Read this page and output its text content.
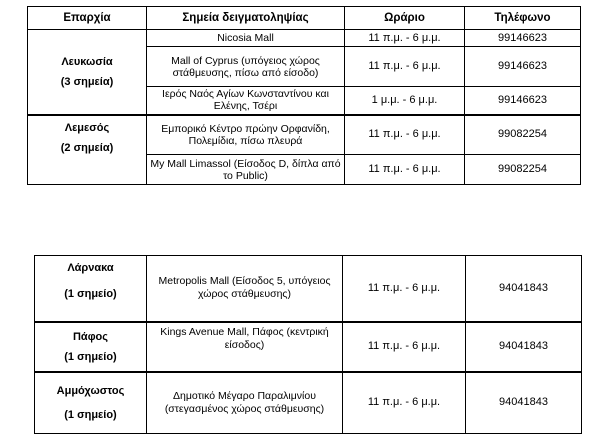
Επαρχία	Σημεία δειγματοληψίας	Ωράριο	Τηλέφωνο

Λευκωσία
(3 σημεία)	Nicosia Mall	11 π.μ. - 6 μ.μ.	99146623
	Mall of Cyprus (υπόγειος χώρος στάθμευσης, πίσω από είσοδο)	11 π.μ. - 6 μ.μ.	99146623
	Ιερός Ναός Αγίων Κωνσταντίνου και Ελένης, Τσέρι	1 μ.μ. - 6 μ.μ.	99146623

Λεμεσός
(2 σημεία)	Εμπορικό Κέντρο πρώην Ορφανίδη, Πολεμίδια, πίσω πλευρά	11 π.μ. - 6 μ.μ.	99082254
	My Mall Limassol (Είσοδος D, δίπλα από το Public)	11 π.μ. - 6 μ.μ.	99082254
Λάρνακα
(1 σημείο)	Metropolis Mall (Είσοδος 5, υπόγειος χώρος στάθμευσης)	11 π.μ. - 6 μ.μ.	94041843

Πάφος
(1 σημείο)	Kings Avenue Mall, Πάφος (κεντρική είσοδος)	11 π.μ. - 6 μ.μ.	94041843

Αμμόχωστος
(1 σημείο)	Δημοτικό Μέγαρο Παραλιμνίου (στεγασμένος χώρος στάθμευσης)	11 π.μ. - 6 μ.μ.	94041843
